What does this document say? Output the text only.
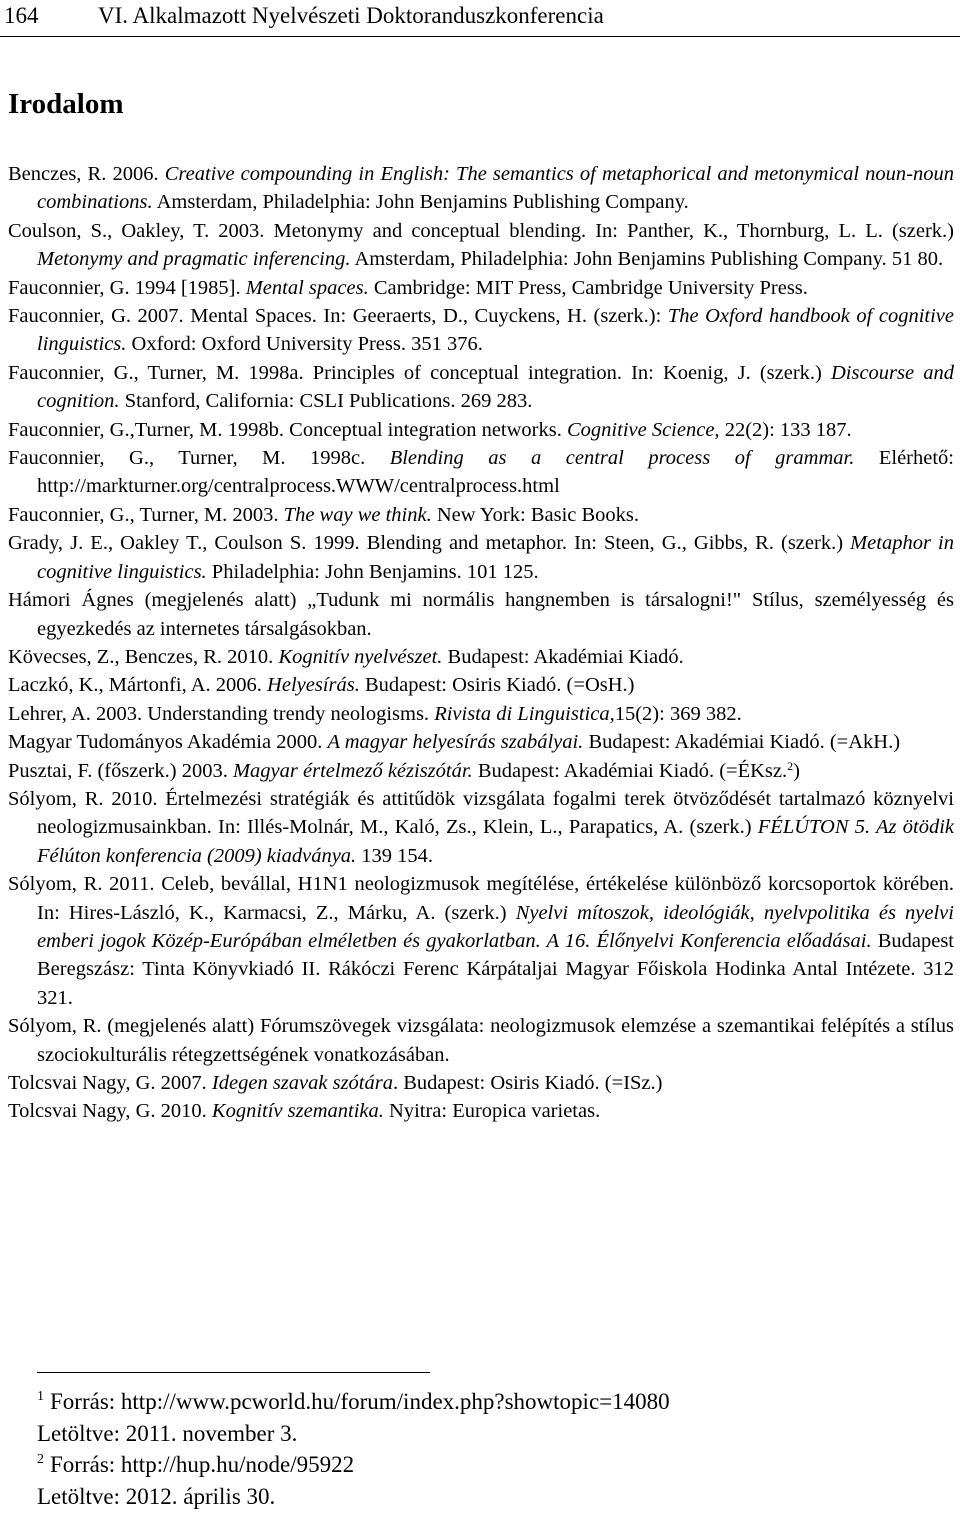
164	VI. Alkalmazott Nyelvészeti Doktoranduszkonferencia
Irodalom

Benczes, R. 2006. Creative compounding in English: The semantics of metaphorical and metonymical noun-noun combinations. Amsterdam, Philadelphia: John Benjamins Publishing Company.

Coulson, S., Oakley, T. 2003. Metonymy and conceptual blending. In: Panther, K., Thornburg, L. L. (szerk.) Metonymy and pragmatic inferencing. Amsterdam, Philadelphia: John Benjamins Publishing Company. 51 80.

Fauconnier, G. 1994 [1985]. Mental spaces. Cambridge: MIT Press, Cambridge University Press.

Fauconnier, G. 2007. Mental Spaces. In: Geeraerts, D., Cuyckens, H. (szerk.): The Oxford handbook of cognitive linguistics. Oxford: Oxford University Press. 351 376.

Fauconnier, G., Turner, M. 1998a. Principles of conceptual integration. In: Koenig, J. (szerk.) Discourse and cognition. Stanford, California: CSLI Publications. 269 283.

Fauconnier, G.,Turner, M. 1998b. Conceptual integration networks. Cognitive Science, 22(2): 133 187.

Fauconnier, G., Turner, M. 1998c. Blending as a central process of grammar. Elérhető: http://markturner.org/centralprocess.WWW/centralprocess.html

Fauconnier, G., Turner, M. 2003. The way we think. New York: Basic Books.

Grady, J. E., Oakley T., Coulson S. 1999. Blending and metaphor. In: Steen, G., Gibbs, R. (szerk.) Metaphor in cognitive linguistics. Philadelphia: John Benjamins. 101 125.

Hámori Ágnes (megjelenés alatt) „Tudunk mi normális hangnemben is társalogni!" Stílus, személyesség és egyezkedés az internetes társalgásokban.

Kövecses, Z., Benczes, R. 2010. Kognitív nyelvészet. Budapest: Akadémiai Kiadó.

Laczkó, K., Mártonfi, A. 2006. Helyesírás. Budapest: Osiris Kiadó. (=OsH.)

Lehrer, A. 2003. Understanding trendy neologisms. Rivista di Linguistica,15(2): 369 382.

Magyar Tudományos Akadémia 2000. A magyar helyesírás szabályai. Budapest: Akadémiai Kiadó. (=AkH.)

Pusztai, F. (főszerk.) 2003. Magyar értelmező kéziszótár. Budapest: Akadémiai Kiadó. (=ÉKsz.$^2$)

Sólyom, R. 2010. Értelmezési stratégiák és attitűdök vizsgálata fogalmi terek ötvöződését tartalmazó köznyelvi neologizmusainkban. In: Illés-Molnár, M., Kaló, Zs., Klein, L., Parapatics, A. (szerk.) FÉLÚTON 5. Az ötödik Félúton konferencia (2009) kiadványa. 139 154.

Sólyom, R. 2011. Celeb, bevállal, H1N1 neologizmusok megítélése, értékelése különböző korcsoportok körében. In: Hires-László, K., Karmacsi, Z., Márku, A. (szerk.) Nyelvi mítoszok, ideológiák, nyelvpolitika és nyelvi emberi jogok Közép-Európában elméletben és gyakorlatban. A 16. Élőnyelvi Konferencia előadásai. Budapest Beregszász: Tinta Könyvkiadó II. Rákóczi Ferenc Kárpátaljai Magyar Főiskola Hodinka Antal Intézete. 312 321.

Sólyom, R. (megjelenés alatt) Fórumszövegek vizsgálata: neologizmusok elemzése a szemantikai felépítés a stílus szociokulturális rétegzettségének vonatkozásában.

Tolcsvai Nagy, G. 2007. Idegen szavak szótára. Budapest: Osiris Kiadó. (=ISz.)

Tolcsvai Nagy, G. 2010. Kognitív szemantika. Nyitra: Europica varietas.

$^1$ Forrás: http://www.pcworld.hu/forum/index.php?showtopic=14080

Letöltve: 2011. november 3.

$^2$ Forrás: http://hup.hu/node/95922

Letöltve: 2012. április 30.
